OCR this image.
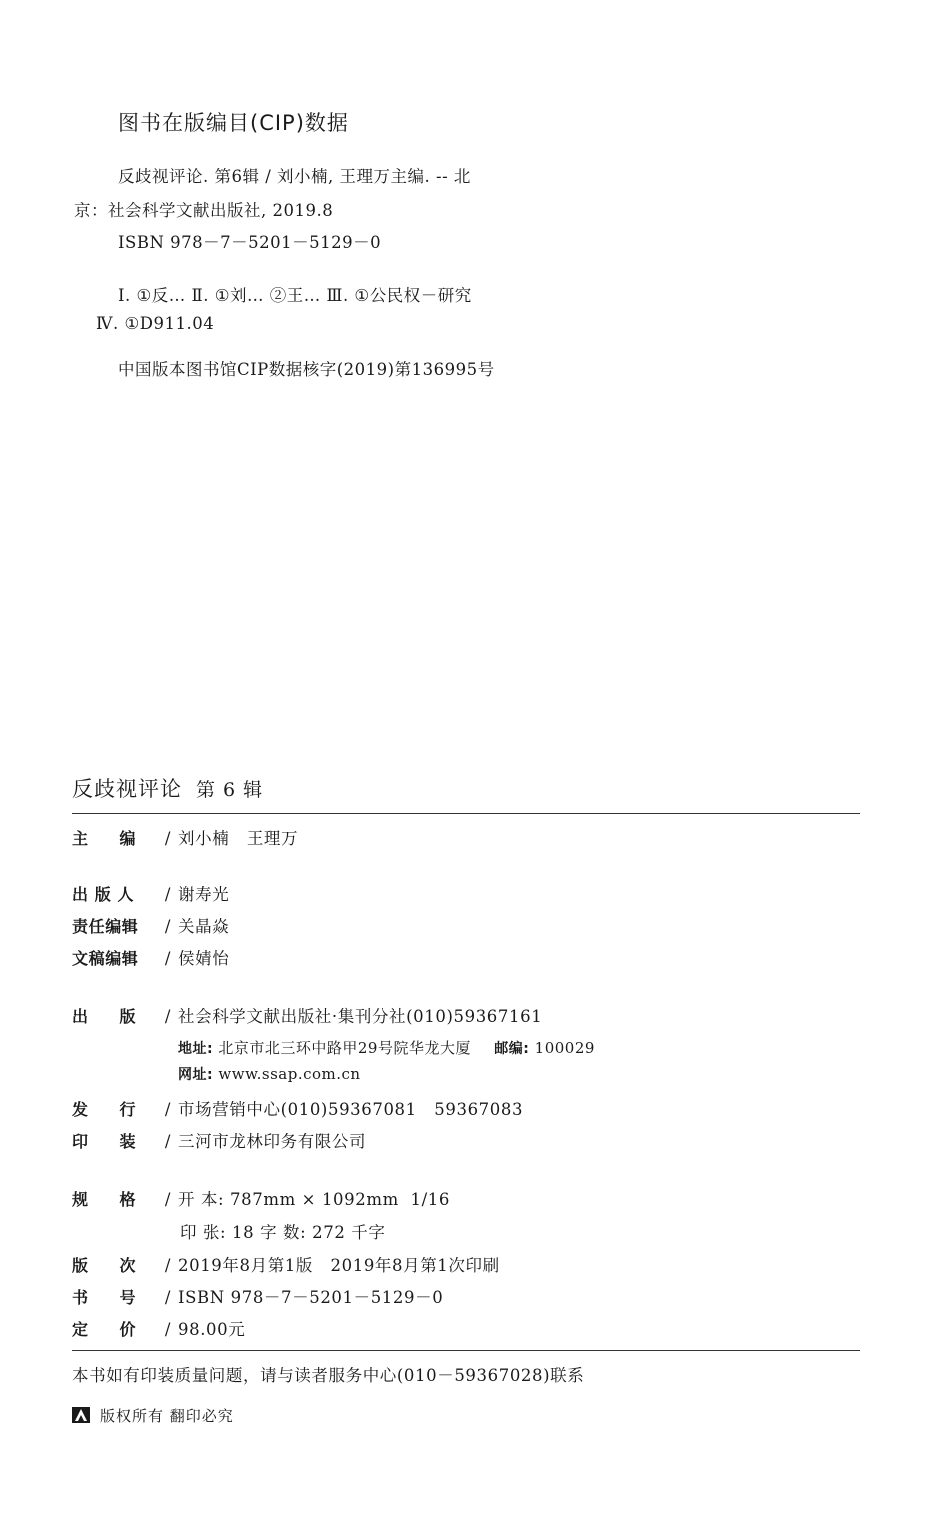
图书在版编目(CIP)数据
反歧视评论. 第6辑 / 刘小楠, 王理万主编. -- 北
京：社会科学文献出版社, 2019.8
ISBN 978－7－5201－5129－0
Ⅰ. ①反… Ⅱ. ①刘… ②王… Ⅲ. ①公民权－研究
Ⅳ. ①D911.04
中国版本图书馆CIP数据核字(2019)第136995号
反歧视评论 第 6 辑
主     编 / 刘小楠   王理万
出 版 人 / 谢寿光
责任编辑 / 关晶焱
文稿编辑 / 侯婧怡
出     版 / 社会科学文献出版社·集刊分社(010)59367161
地址: 北京市北三环中路甲29号院华龙大厦 邮编: 100029
网址: www.ssap.com.cn
发     行 / 市场营销中心(010)59367081   59367083
印     装 / 三河市龙林印务有限公司
规     格 / 开 本: 787mm × 1092mm  1/16
印 张: 18 字 数: 272 千字
版     次 / 2019年8月第1版   2019年8月第1次印刷
书     号 / ISBN 978－7－5201－5129－0
定     价 / 98.00元
本书如有印装质量问题，请与读者服务中心(010－59367028)联系
版权所有 翻印必究
